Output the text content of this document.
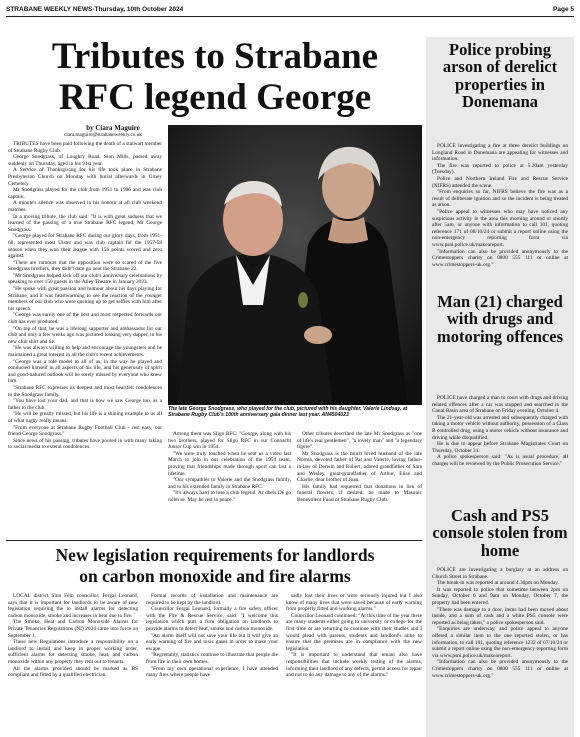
STRABANE WEEKLY NEWS-Thursday, 10th October 2024	Page 5
Tributes to Strabane
RFC legend George
by Ciara Maguire
ciara.maguire@strabaneweekly.co.uk

TRIBUTES have been paid following the death of a stalwart member of Strabane Rugby Club.

George Snodgrass, of Loughry Road, Sion Mills, passed away suddenly on Thursday, aged in his 91st year.

A Service of Thanksgiving for his life took place in Strabane Presbyterian Church on Monday with burial afterwards in Urney Cemetery.

Mr Snodgrass played for the club from 1951 to 1986 and was club captain.

A minute's silence was observed in his honour at all club weekend matches.

In a moving tribute, the club said: "It is with great sadness that we learned of the passing of a true Strabane RFC legend, Mr George Snodgrass.

"George played for Strabane RFC during our glory days, from 1951-68, represented most Ulster and was club captain for the 1957-58 season when they won their league with 156 points scored and zero against.

"There are rumours that the opposition were so scared of the five Snodgrass brothers, they didn't dare go near the Strabane 22.

"Mr Snodgrass helped kick off our club's anniversary celebrations by speaking to over 150 guests in the Alley Theatre in January 2023.

"He spoke with great passion and humour about his days playing for Strabane, and it was heartwarming to see the reaction of the younger members of our club who were queuing up to get selfies with him after his speech.

"George was surely one of the best and most respected forwards our club has ever produced.

"On top of that, he was a lifelong supporter and ambassador for our club and only a few weeks ago was pictured looking very dapper, in his new club shirt and tie.

"He was always willing to help and encourage the youngsters and he maintained a great interest in all the club's recent achievements.

"George was a role model to all of us, in the way he played and conducted himself in all aspects of his life, and his generosity of spirit and good-natured outlook will be sorely missed by everyone who knew him.

"Strabane RFC expresses its deepest and most heartfelt condolences to the Snodgrass family.

"You have lost your dad, and that is how we saw George too, as a father to the club.

"He will be greatly missed, but his life is a shining example to us all of what rugby really means.

"From everyone at Strabane Rugby Football Club - rest easy, our friend George Snodgrass."

Since news of his passing, tributes have poured in with many taking to social media to extend condolences.

The late George Snodgrass, who played for the club, pictured with his daughter, Valerie Lindsay, at Strabane Rugby Club's 100th anniversary gala dinner last year. AN4504023

Among them was Sligo RFC: "George, along with his two brothers, played for Sligo RFC in our Connacht Junior Cup win in 1954.

"We were truly touched when he sent us a video last March to join in our celebration of the 1954 team, proving that friendships made through sport can last a lifetime.

"Our sympathies to Valerie and the Snodgrass family, and to his extended family in Strabane RFC.

"It's always hard to lose a club legend. Ar dheis Dé go raibh sé. May he rest in peace."

Other tributes described the late Mr Snodgrass as "one of life's real gentlemen", "a lovely man" and "a legendary figure".

Mr Snodgrass is the much loved husband of the late Norma, devoted father of Pat and Valerie, loving father-in-law of Derwin and Robert, adored grandfather of Sara and Wesley, great-grandfather of Arthur, Elise and Charlie, dear brother of Joan.

His family had requested that donations in lieu of funeral flowers, if desired, be made to Masonic Benevolent Fund or Strabane Rugby Club.

New legislation requirements for landlords
on carbon monoxide and fire alarms

LOCAL district Sinn Féin councillor, Fergal Leonard, says that it is important for landlords to be aware of new legislation requiring the to install alarms for detecting carbon monoxide, smoke and increases in heat due to fire.

The Smoke, Heat and Carbon Monoxide Alarms for Private Tenancies Regulations (NI) 2024 came into force on September 1.

These new Regulations introduce a responsibility on a landlord to install and keep in proper working order, sufficient alarms for detecting smoke, heat, and carbon monoxide within any property they rent out to tenants.

All the alarms provided should be marked as BS compliant and fitted by a qualified electrician.

Formal records of installation and maintenance are required to be kept by the landlord.

Councillor Fergal Leonard, formally a fire safety officer with the Fire & Rescue Service, said: "I welcome this legislation which puts a firm obligation on landlords to provide alarms to detect heat, smoke and carbon monoxide.

"An alarm itself will not save your life but it will give an early warning of fire and toxic gases in order to make your escape.

"Regrettably, statistics continue to illustrate that people die from fire in their own homes.

"From my own operational experience, I have attended many fires where people have

sadly lost their lives or were seriously injured but I also know of many lives that were saved because of early warning from properly fitted and working alarms."

Councillor Leonard continued: "At this time of the year there are many students either going to university or college for the first time or are returning to continue with their studies and I would plead with parents, students and landlord's alike to ensure that the premises are in compliance with the new legislation.

"It is important to understand that tenant also have responsibilities that include weekly testing of the alarms, informing their landlord of any defects, permit access for repair and not to do any damage to any of the alarms."

Police probing arson of derelict properties in Donemana

POLICE investigating a fire at three derelict buildings on Longland Road in Donemana are appealing for witnesses and information.

The fire was reported to police at 5.20am yesterday (Tuesday).

Police and Northern Ireland Fire and Rescue Service (NIFRS) attended the scene.

"From enquiries so far, NIFRS believe the fire was as a result of deliberate ignition and so the incident is being treated as arson.

"Police appeal to witnesses who may have noticed any suspicious activity in the area this morning around or shortly after 5am, or anyone with information to call 101, quoting reference 171 of 08/10/24 or submit a report online using the non-emergency reporting form via www.psni.police.uk/makeareport.

"Information can also be provided anonymously to the Crimestoppers charity on 0800 555 111 or online at www.crimestoppers-uk.org."

Man (21) charged with drugs and motoring offences

POLICE have charged a man to court with drugs and driving related offences after a car was stopped and searched in the Canal Basin area of Strabane on Friday evening, October 4.

The 21-year-old was arrested and subsequently charged with taking a motor vehicle without authority, possession of a Class B controlled drug, using a motor vehicle without insurance and driving while disqualified.

He is due to appear before Strabane Magistrates Court on Thursday, October 31.

A police spokesperson said: "As is usual procedure, all charges will be reviewed by the Public Prosecution Service."

Cash and PS5 console stolen from home

POLICE are investigating a burglary at an address on Church Street in Strabane.

The break-in was reported at around 4.30pm on Monday.

It was reported to police that sometime between 2pm on Sunday, October 6 and 9am on Monday, October 7, the property had been entered.

"There was damage to a door, items had been moved about inside, and a sum of cash and a white PS5 console were reported as being taken," a police spokesperson said.

"Enquiries are underway, and police appeal to anyone offered a similar item to the one reported stolen, or has information, to call 101, quoting reference 1232 of 07/10/24 or submit a report online using the non-emergency reporting form via www.psni.police.uk/makeareport.

"Information can also be provided anonymously to the Crimestoppers charity on 0800 555 111 or online at www.crimestoppers-uk.org."
